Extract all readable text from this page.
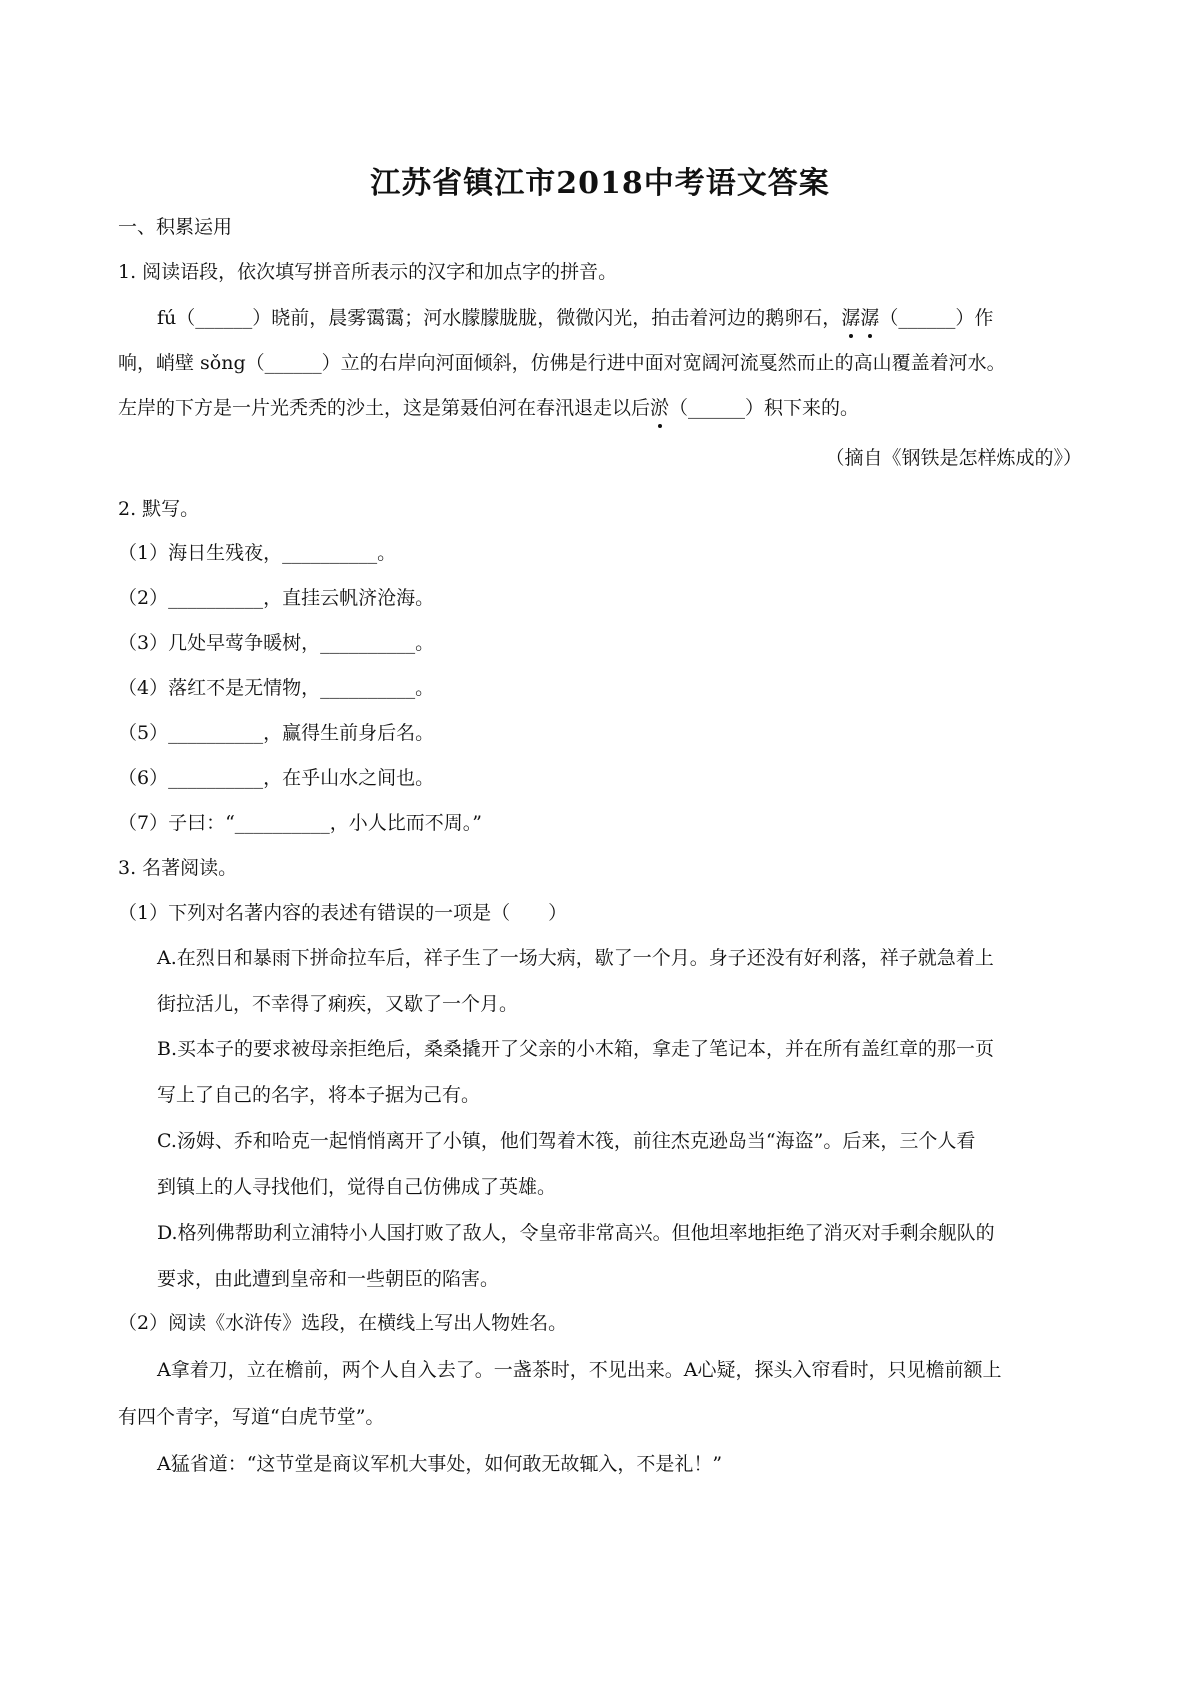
江苏省镇江市2018中考语文答案
一、积累运用
1. 阅读语段，依次填写拼音所表示的汉字和加点字的拼音。
fú（______）晓前，晨雾霭霭；河水朦朦胧胧，微微闪光，拍击着河边的鹅卵石，潺潺（______）作
响，峭壁 sǒng（______）立的右岸向河面倾斜，仿佛是行进中面对宽阔河流戛然而止的高山覆盖着河水。
左岸的下方是一片光秃秃的沙土，这是第聂伯河在春汛退走以后淤（______）积下来的。
（摘自《钢铁是怎样炼成的》）
2. 默写。
（1）海日生残夜，__________。
（2）__________，直挂云帆济沧海。
（3）几处早莺争暖树，__________。
（4）落红不是无情物，__________。
（5）__________，赢得生前身后名。
（6）__________，在乎山水之间也。
（7）子曰：“__________，小人比而不周。”
3. 名著阅读。
（1）下列对名著内容的表述有错误的一项是（　　）
A.在烈日和暴雨下拼命拉车后，祥子生了一场大病，歇了一个月。身子还没有好利落，祥子就急着上
街拉活儿，不幸得了痢疾，又歇了一个月。
B.买本子的要求被母亲拒绝后，桑桑撬开了父亲的小木箱，拿走了笔记本，并在所有盖红章的那一页
写上了自己的名字，将本子据为己有。
C.汤姆、乔和哈克一起悄悄离开了小镇，他们驾着木筏，前往杰克逊岛当“海盗”。后来，三个人看
到镇上的人寻找他们，觉得自己仿佛成了英雄。
D.格列佛帮助利立浦特小人国打败了敌人，令皇帝非常高兴。但他坦率地拒绝了消灭对手剩余舰队的
要求，由此遭到皇帝和一些朝臣的陷害。
（2）阅读《水浒传》选段，在横线上写出人物姓名。
A拿着刀，立在檐前，两个人自入去了。一盏茶时，不见出来。A心疑，探头入帘看时，只见檐前额上
有四个青字，写道“白虎节堂”。
A猛省道：“这节堂是商议军机大事处，如何敢无故辄入，不是礼！”
